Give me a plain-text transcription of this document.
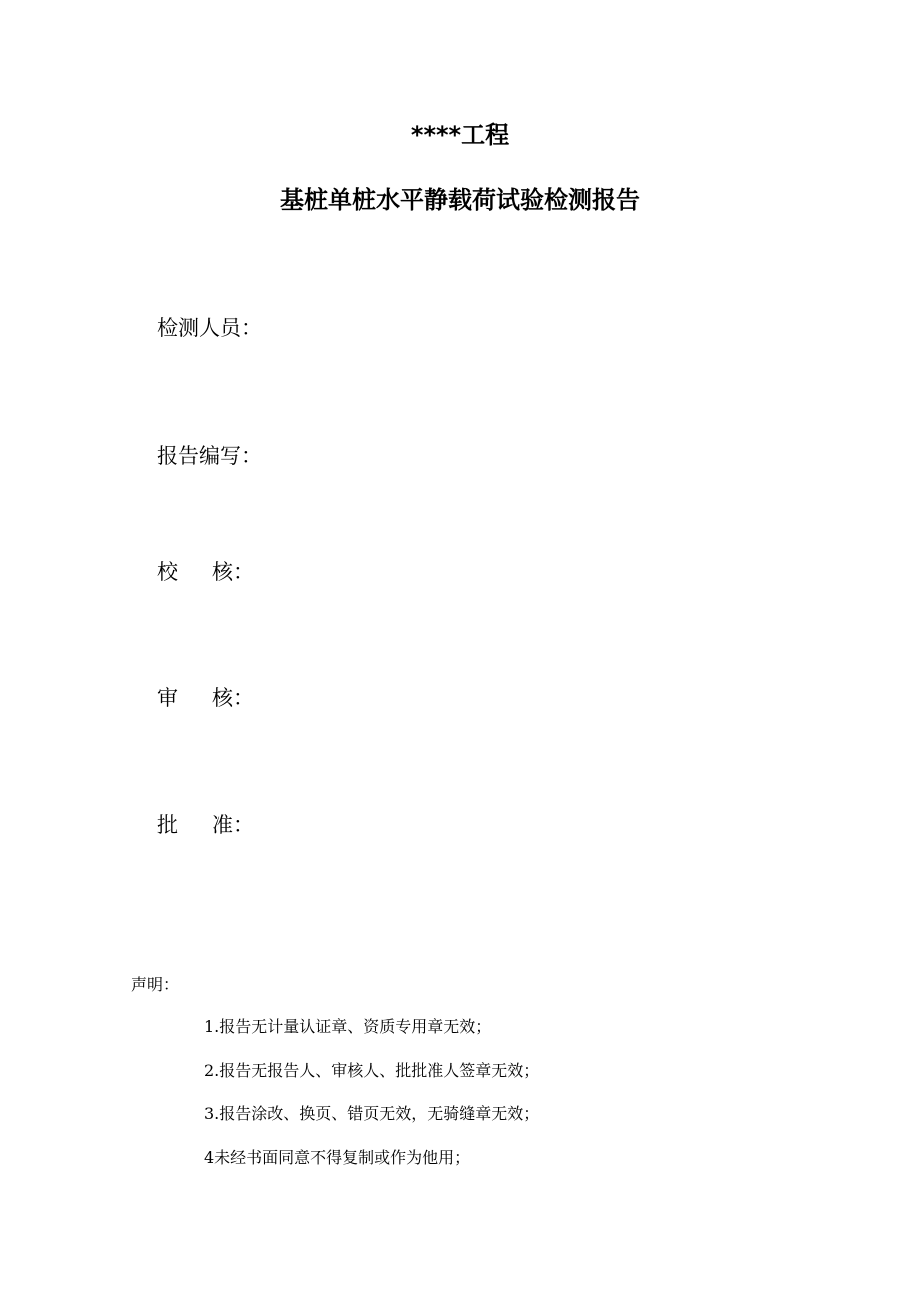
****工程
基桩单桩水平静载荷试验检测报告
检测人员：
报告编写：
校 核：
审 核：
批 准：
声明：
1.报告无计量认证章、资质专用章无效；
2.报告无报告人、审核人、批批准人签章无效；
3.报告涂改、换页、错页无效，无骑缝章无效；
4未经书面同意不得复制或作为他用；
